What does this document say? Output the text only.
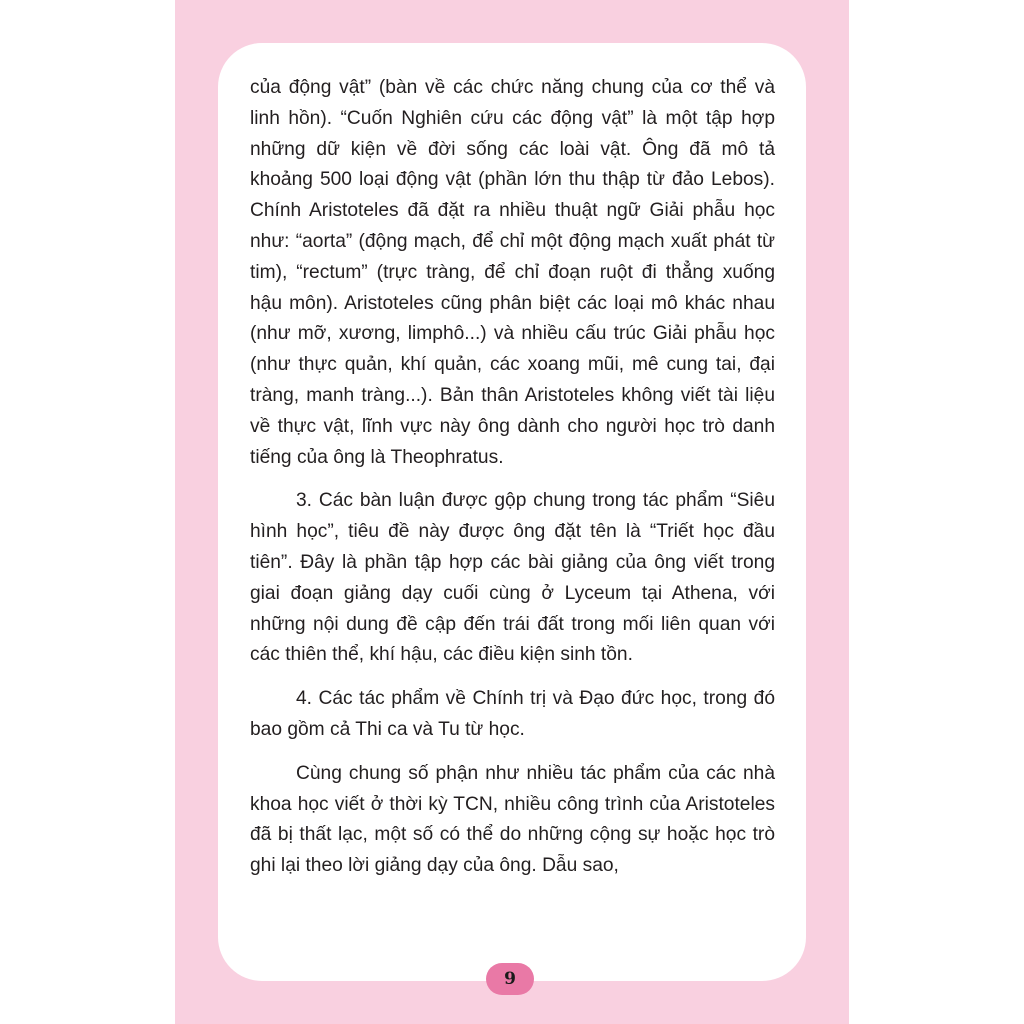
của động vật” (bàn về các chức năng chung của cơ thể và linh hồn). “Cuốn Nghiên cứu các động vật” là một tập hợp những dữ kiện về đời sống các loài vật. Ông đã mô tả khoảng 500 loại động vật (phần lớn thu thập từ đảo Lebos). Chính Aristoteles đã đặt ra nhiều thuật ngữ Giải phẫu học như: “aorta” (động mạch, để chỉ một động mạch xuất phát từ tim), “rectum” (trực tràng, để chỉ đoạn ruột đi thẳng xuống hậu môn). Aristoteles cũng phân biệt các loại mô khác nhau (như mỡ, xương, limphô...) và nhiều cấu trúc Giải phẫu học (như thực quản, khí quản, các xoang mũi, mê cung tai, đại tràng, manh tràng...). Bản thân Aristoteles không viết tài liệu về thực vật, lĩnh vực này ông dành cho người học trò danh tiếng của ông là Theophratus.

3. Các bàn luận được gộp chung trong tác phẩm “Siêu hình học”, tiêu đề này được ông đặt tên là “Triết học đầu tiên”. Đây là phần tập hợp các bài giảng của ông viết trong giai đoạn giảng dạy cuối cùng ở Lyceum tại Athena, với những nội dung đề cập đến trái đất trong mối liên quan với các thiên thể, khí hậu, các điều kiện sinh tồn.

4. Các tác phẩm về Chính trị và Đạo đức học, trong đó bao gồm cả Thi ca và Tu từ học.

Cùng chung số phận như nhiều tác phẩm của các nhà khoa học viết ở thời kỳ TCN, nhiều công trình của Aristoteles đã bị thất lạc, một số có thể do những cộng sự hoặc học trò ghi lại theo lời giảng dạy của ông. Dẫu sao,

9
